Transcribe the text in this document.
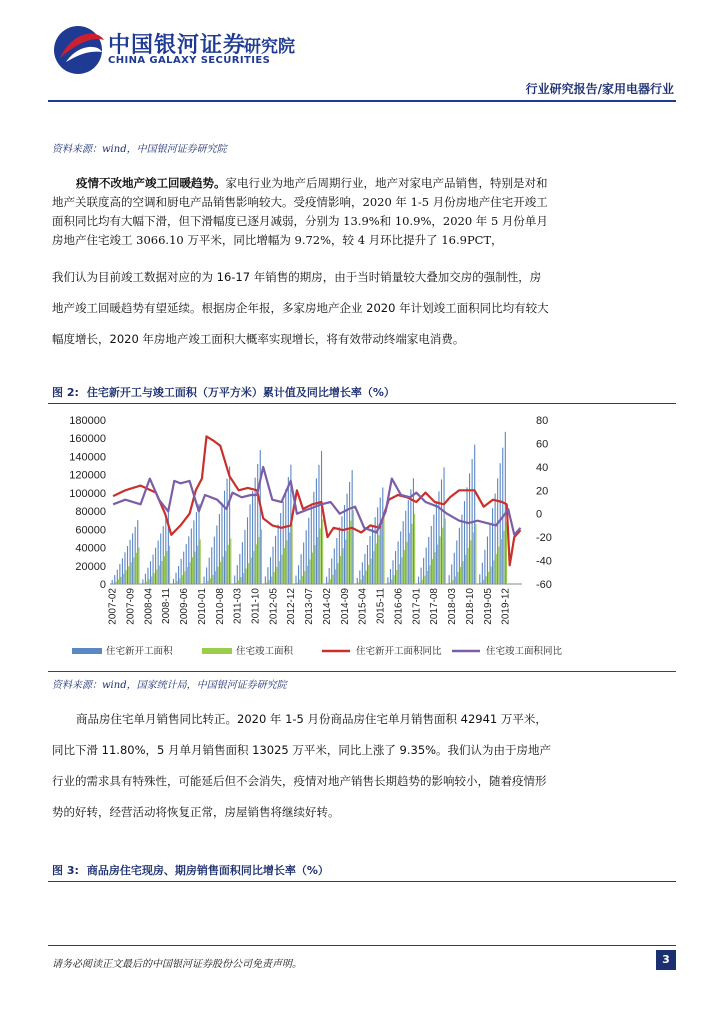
中国银河证券
CHINA GALAXY SECURITIES
研究院
行业研究报告/家用电器行业
资料来源：wind，中国银河证券研究院
疫情不改地产竣工回暖趋势。家电行业为地产后周期行业，地产对家电产品销售，特别是对和地产关联度高的空调和厨电产品销售影响较大。受疫情影响，2020 年 1-5 月份房地产住宅开竣工面积同比均有大幅下滑，但下滑幅度已逐月减弱，分别为 13.9%和 10.9%，2020 年 5 月份单月房地产住宅竣工 3066.10 万平米，同比增幅为 9.72%，较 4 月环比提升了 16.9PCT，
我们认为目前竣工数据对应的为 16-17 年销售的期房，由于当时销量较大叠加交房的强制性，房地产竣工回暖趋势有望延续。根据房企年报，多家房地产企业 2020 年计划竣工面积同比均有较大幅度增长，2020 年房地产竣工面积大概率实现增长，将有效带动终端家电消费。
图 2: 住宅新开工与竣工面积（万平方米）累计值及同比增长率（%）
180000
160000
140000
120000
100000
80000
60000
40000
20000
0
80
60
40
20
0
-20
-40
-60
2007-02 2007-09 2008-04 2008-11 2009-06 2010-01 2010-08 2011-03 2011-10 2012-05 2012-12 2013-07 2014-02 2014-09 2015-04 2015-11 2016-06 2017-01 2017-08 2018-03 2018-10 2019-05 2019-12
住宅新开工面积	住宅竣工面积	住宅新开工面积同比	住宅竣工面积同比
资料来源：wind，国家统计局，中国银河证券研究院
商品房住宅单月销售同比转正。2020 年 1-5 月份商品房住宅单月销售面积 42941 万平米，同比下滑 11.80%，5 月单月销售面积 13025 万平米，同比上涨了 9.35%。我们认为由于房地产行业的需求具有特殊性，可能延后但不会消失，疫情对地产销售长期趋势的影响较小，随着疫情形势的好转，经营活动将恢复正常，房屋销售将继续好转。
图 3: 商品房住宅现房、期房销售面积同比增长率（%）
请务必阅读正文最后的中国银河证券股份公司免责声明。	3
